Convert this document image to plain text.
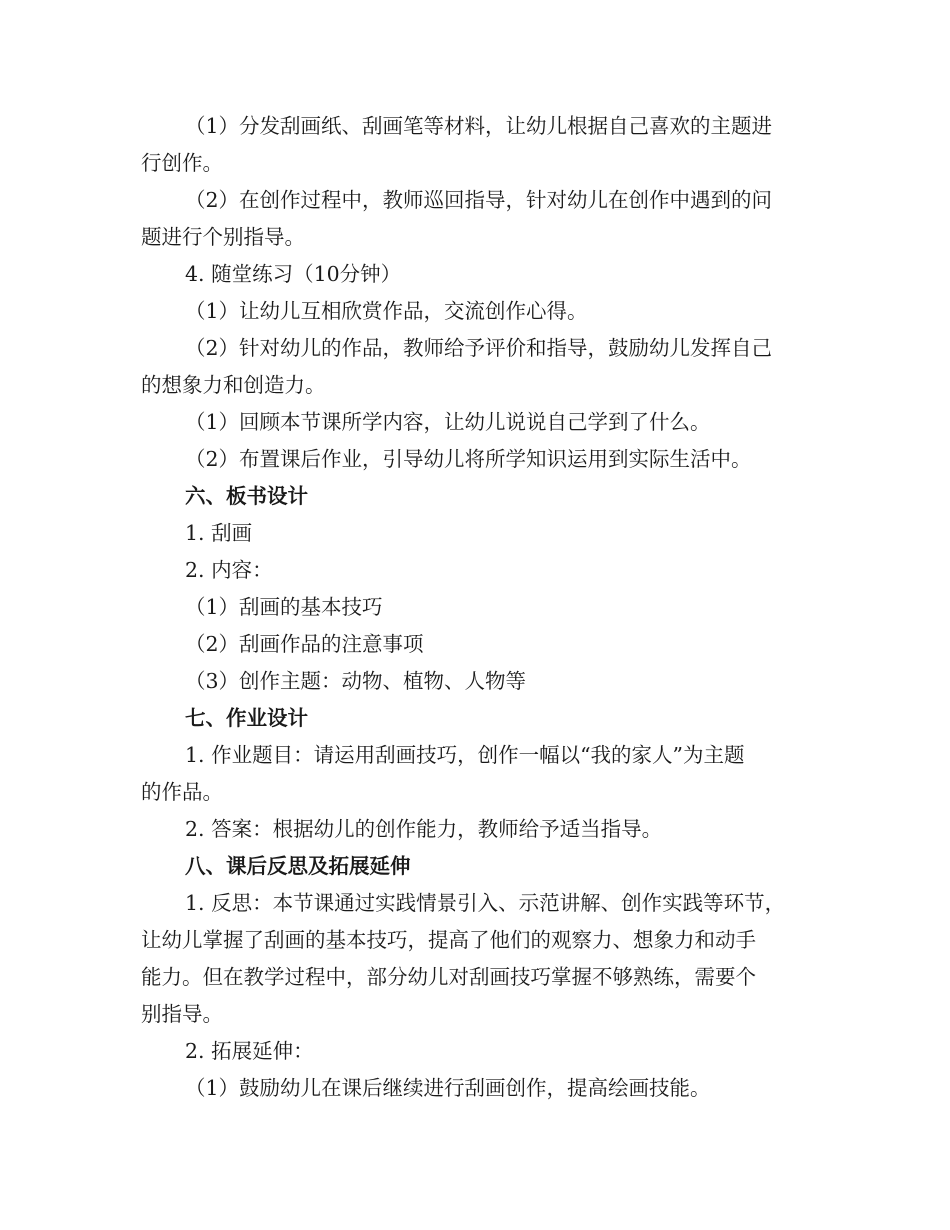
（1）分发刮画纸、刮画笔等材料，让幼儿根据自己喜欢的主题进
行创作。
（2）在创作过程中，教师巡回指导，针对幼儿在创作中遇到的问
题进行个别指导。
4. 随堂练习（10分钟）
（1）让幼儿互相欣赏作品，交流创作心得。
（2）针对幼儿的作品，教师给予评价和指导，鼓励幼儿发挥自己
的想象力和创造力。
（1）回顾本节课所学内容，让幼儿说说自己学到了什么。
（2）布置课后作业，引导幼儿将所学知识运用到实际生活中。
六、板书设计
1. 刮画
2. 内容：
（1）刮画的基本技巧
（2）刮画作品的注意事项
（3）创作主题：动物、植物、人物等
七、作业设计
1. 作业题目：请运用刮画技巧，创作一幅以“我的家人”为主题
的作品。
2. 答案：根据幼儿的创作能力，教师给予适当指导。
八、课后反思及拓展延伸
1. 反思：本节课通过实践情景引入、示范讲解、创作实践等环节，
让幼儿掌握了刮画的基本技巧，提高了他们的观察力、想象力和动手
能力。但在教学过程中，部分幼儿对刮画技巧掌握不够熟练，需要个
别指导。
2. 拓展延伸：
（1）鼓励幼儿在课后继续进行刮画创作，提高绘画技能。
